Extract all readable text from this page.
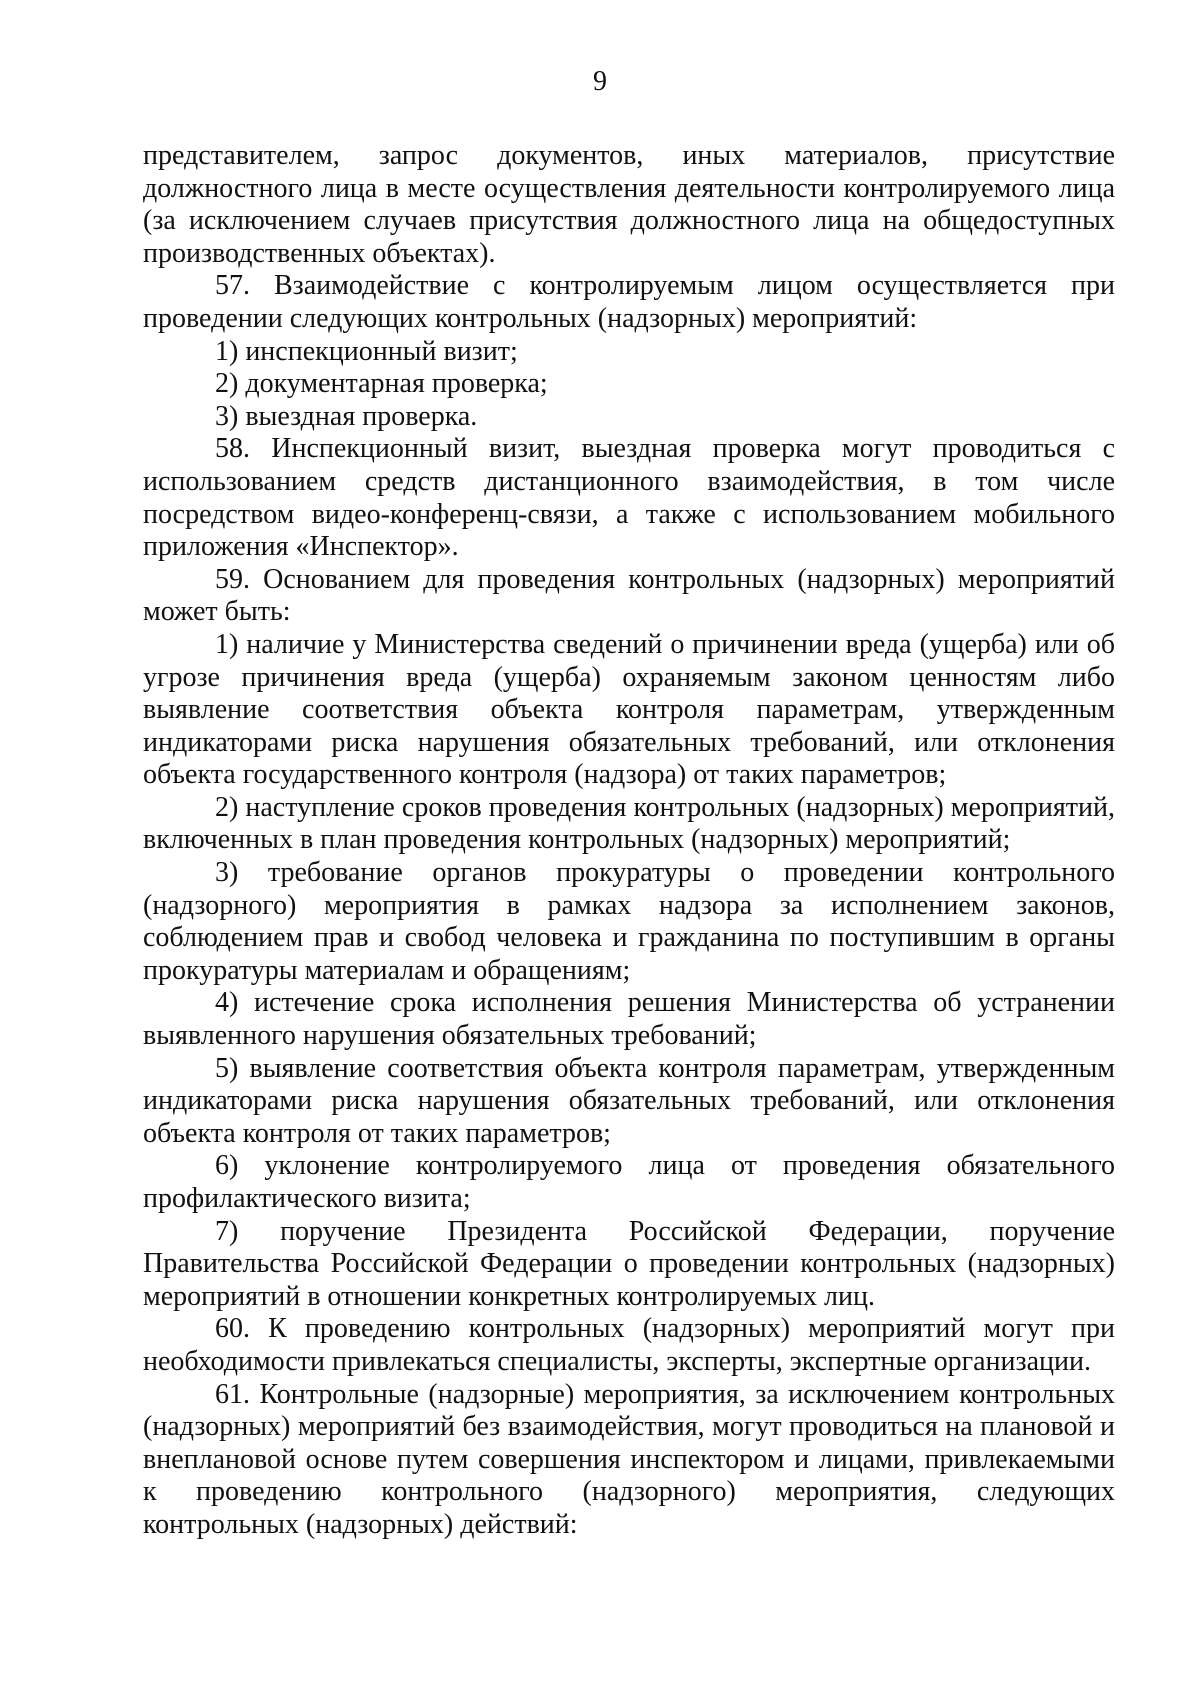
9

представителем, запрос документов, иных материалов, присутствие должностного лица в месте осуществления деятельности контролируемого лица (за исключением случаев присутствия должностного лица на общедоступных производственных объектах).

57. Взаимодействие с контролируемым лицом осуществляется при проведении следующих контрольных (надзорных) мероприятий:

1) инспекционный визит;

2) документарная проверка;

3) выездная проверка.

58. Инспекционный визит, выездная проверка могут проводиться с использованием средств дистанционного взаимодействия, в том числе посредством видео-конференц-связи, а также с использованием мобильного приложения «Инспектор».

59. Основанием для проведения контрольных (надзорных) мероприятий может быть:

1) наличие у Министерства сведений о причинении вреда (ущерба) или об угрозе причинения вреда (ущерба) охраняемым законом ценностям либо выявление соответствия объекта контроля параметрам, утвержденным индикаторами риска нарушения обязательных требований, или отклонения объекта государственного контроля (надзора) от таких параметров;

2) наступление сроков проведения контрольных (надзорных) мероприятий, включенных в план проведения контрольных (надзорных) мероприятий;

3) требование органов прокуратуры о проведении контрольного (надзорного) мероприятия в рамках надзора за исполнением законов, соблюдением прав и свобод человека и гражданина по поступившим в органы прокуратуры материалам и обращениям;

4) истечение срока исполнения решения Министерства об устранении выявленного нарушения обязательных требований;

5) выявление соответствия объекта контроля параметрам, утвержденным индикаторами риска нарушения обязательных требований, или отклонения объекта контроля от таких параметров;

6) уклонение контролируемого лица от проведения обязательного профилактического визита;

7) поручение Президента Российской Федерации, поручение Правительства Российской Федерации о проведении контрольных (надзорных) мероприятий в отношении конкретных контролируемых лиц.

60. К проведению контрольных (надзорных) мероприятий могут при необходимости привлекаться специалисты, эксперты, экспертные организации.

61. Контрольные (надзорные) мероприятия, за исключением контрольных (надзорных) мероприятий без взаимодействия, могут проводиться на плановой и внеплановой основе путем совершения инспектором и лицами, привлекаемыми к проведению контрольного (надзорного) мероприятия, следующих контрольных (надзорных) действий:
